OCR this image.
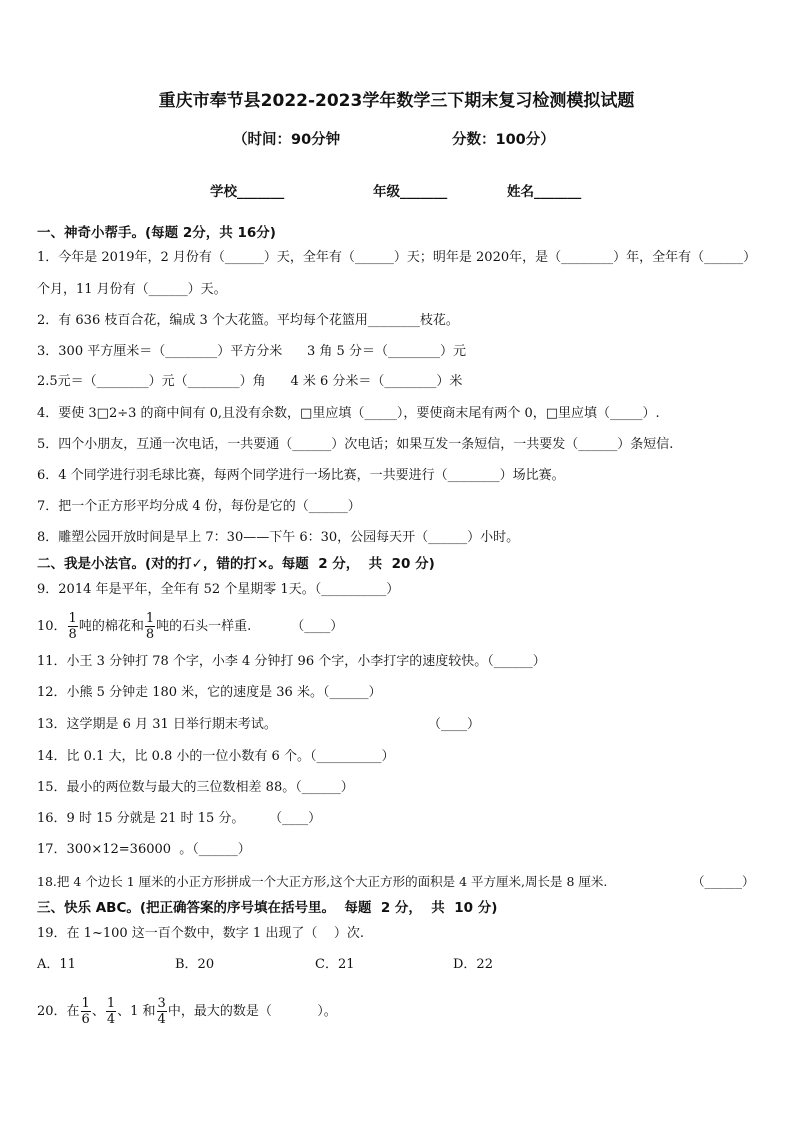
重庆市奉节县2022-2023学年数学三下期末复习检测模拟试题
（时间：90分钟	分数：100分）
学校_______	年级_______	姓名_______
一、神奇小帮手。(每题 2分，共 16分)
1．今年是 2019年，2 月份有（______）天，全年有（______）天；明年是 2020年，是（________）年，全年有（______）
个月，11 月份有（______）天。
2．有 636 枝百合花，编成 3 个大花篮。平均每个花篮用________枝花。
3．300 平方厘米＝（________）平方分米      3 角 5 分＝（________）元
2.5元＝（________）元（________）角      4 米 6 分米＝（________）米
4．要使 3□2÷3 的商中间有 0,且没有余数，□里应填（_____），要使商末尾有两个 0，□里应填（_____）.
5．四个小朋友，互通一次电话，一共要通（______）次电话；如果互发一条短信，一共要发（______）条短信.
6．4 个同学进行羽毛球比赛，每两个同学进行一场比赛，一共要进行（________）场比赛。
7．把一个正方形平均分成 4 份，每份是它的（______）
8．雕塑公园开放时间是早上 7：30——下午 6：30，公园每天开（______）小时。
二、我是小法官。(对的打✓，错的打×。每题  2 分，  共  20 分)
9．2014 年是平年，全年有 52 个星期零 1天。（__________）
10． $\frac{1}{8}$ 吨的棉花和 $\frac{1}{8}$ 吨的石头一样重.	（____）
11．小王 3 分钟打 78 个字，小李 4 分钟打 96 个字，小李打字的速度较快。（______）
12．小熊 5 分钟走 180 米，它的速度是 36 米。（______）
13．这学期是 6 月 31 日举行期末考试。	（____）
14．比 0.1 大，比 0.8 小的一位小数有 6 个。（__________）
15．最小的两位数与最大的三位数相差 88。（______）
16．9 时 15 分就是 21 时 15 分。      （____）
17．300×12=36000  。（______）
18.把 4 个边长 1 厘米的小正方形拼成一个大正方形,这个大正方形的面积是 4 平方厘米,周长是 8 厘米.	（______）
三、快乐 ABC。(把正确答案的序号填在括号里。  每题  2 分，  共  10 分)
19．在 1~100 这一百个数中，数字 1 出现了（    ）次.
A．11	B．20	C．21	D．22
20．在 $\frac{1}{6}$ 、 $\frac{1}{4}$ 、1 和 $\frac{3}{4}$ 中，最大的数是（           ）。
